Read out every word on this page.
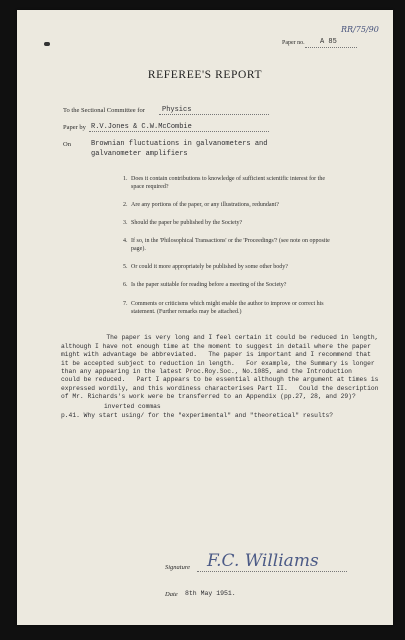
RR/75/90
Paper no. A 85
REFEREE'S REPORT
To the Sectional Committee for Physics
Paper by R.V.Jones & C.W.McCombie
On	Brownian fluctuations in galvanometers and
galvanometer amplifiers
1. Does it contain contributions to knowledge of sufficient scientific interest for the
space required?
2. Are any portions of the paper, or any illustrations, redundant?
3. Should the paper be published by the Society?
4. If so, in the 'Philosophical Transactions' or the 'Proceedings'? (see note on opposite
page).
5. Or could it more appropriately be published by some other body?
6. Is the paper suitable for reading before a meeting of the Society?
7. Comments or criticisms which might enable the author to improve or correct his
statement. (Further remarks may be attached.)

The paper is very long and I feel certain it could be reduced in length,
although I have not enough time at the moment to suggest in detail where the paper
might with advantage be abbreviated.   The paper is important and I recommend that
it be accepted subject to reduction in length.   For example, the Summary is longer
than any appearing in the latest Proc.Roy.Soc., No.1085, and the Introduction
could be reduced.   Part I appears to be essential although the argument at times is
expressed wordily, and this wordiness characterises Part II.   Could the description
of Mr. Richards's work were be transferred to an Appendix (pp.27, 28, and 29)?
inverted commas
p.41. Why start using/ for the "experimental" and "theoretical" results?
Signature F.C. Williams
Date 8th May 1951.
